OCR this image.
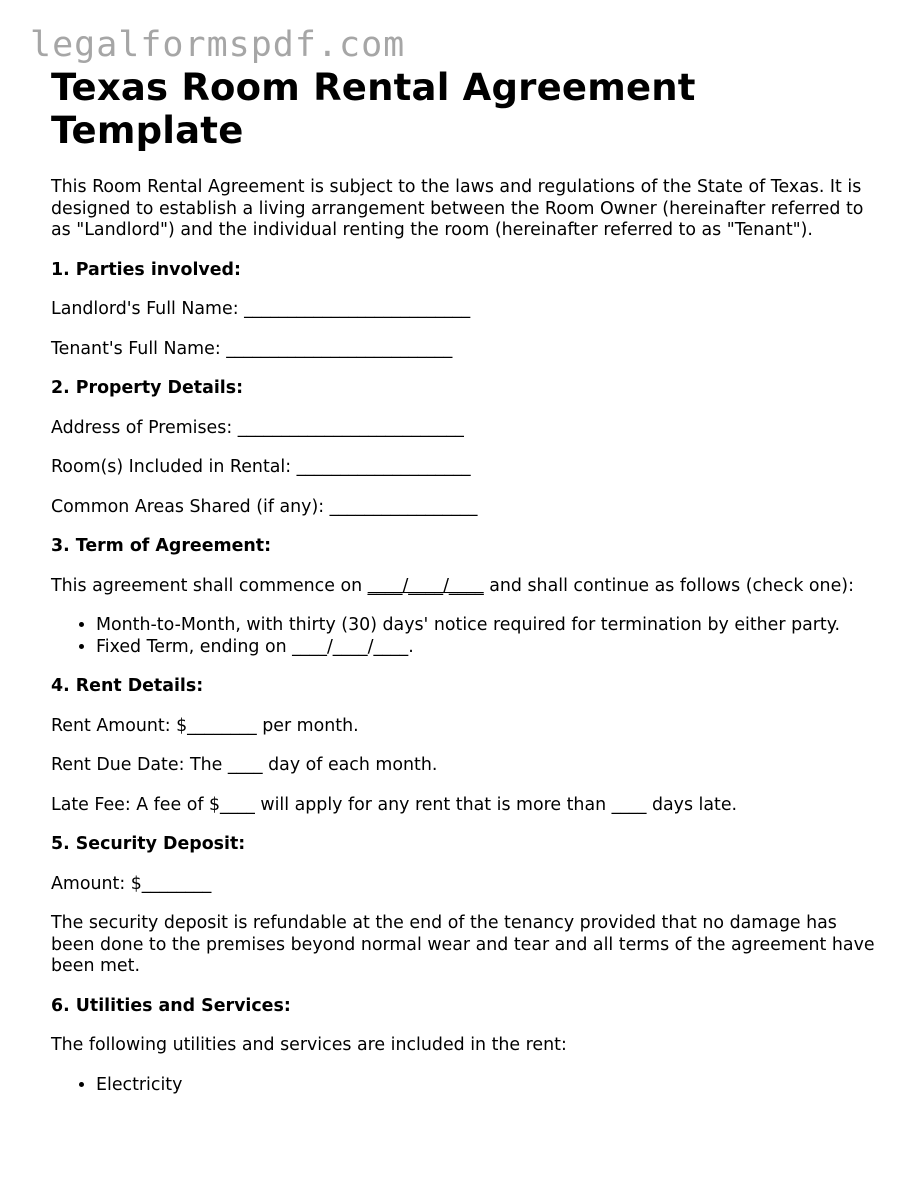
legalformspdf.com
Texas Room Rental Agreement Template

This Room Rental Agreement is subject to the laws and regulations of the State of Texas. It is designed to establish a living arrangement between the Room Owner (hereinafter referred to as "Landlord") and the individual renting the room (hereinafter referred to as "Tenant").

1. Parties involved:

Landlord's Full Name: __________________________

Tenant's Full Name: __________________________

2. Property Details:

Address of Premises: __________________________

Room(s) Included in Rental: ____________________

Common Areas Shared (if any): _________________

3. Term of Agreement:

This agreement shall commence on ____/____/____ and shall continue as follows (check one):

• Month-to-Month, with thirty (30) days' notice required for termination by either party.
• Fixed Term, ending on ____/____/____.
4. Rent Details:

Rent Amount: $________ per month.

Rent Due Date: The ____ day of each month.

Late Fee: A fee of $____ will apply for any rent that is more than ____ days late.

5. Security Deposit:

Amount: $________

The security deposit is refundable at the end of the tenancy provided that no damage has been done to the premises beyond normal wear and tear and all terms of the agreement have been met.

6. Utilities and Services:

The following utilities and services are included in the rent:

• Electricity
